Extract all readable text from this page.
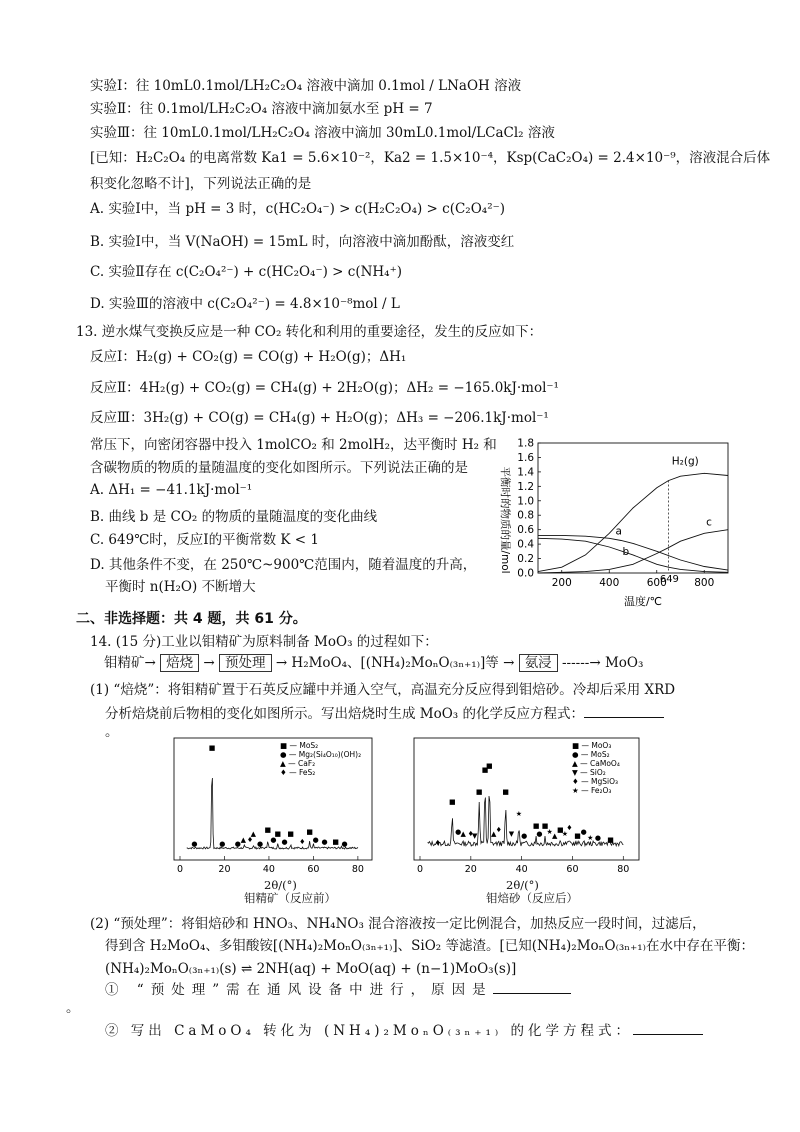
实验Ⅰ：往 10mL0.1mol/LH₂C₂O₄ 溶液中滴加 0.1mol / LNaOH 溶液
实验Ⅱ：往 0.1mol/LH₂C₂O₄ 溶液中滴加氨水至 pH = 7
实验Ⅲ：往 10mL0.1mol/LH₂C₂O₄ 溶液中滴加 30mL0.1mol/LCaCl₂ 溶液
[已知：H₂C₂O₄ 的电离常数 Ka1 = 5.6×10⁻²，Ka2 = 1.5×10⁻⁴，Ksp(CaC₂O₄) = 2.4×10⁻⁹，溶液混合后体
积变化忽略不计]，下列说法正确的是
A. 实验Ⅰ中，当 pH = 3 时，c(HC₂O₄⁻) > c(H₂C₂O₄) > c(C₂O₄²⁻)
B. 实验Ⅰ中，当 V(NaOH) = 15mL 时，向溶液中滴加酚酞，溶液变红
C. 实验Ⅱ存在 c(C₂O₄²⁻) + c(HC₂O₄⁻) > c(NH₄⁺)
D. 实验Ⅲ的溶液中 c(C₂O₄²⁻) = 4.8×10⁻⁸mol / L
13. 逆水煤气变换反应是一种 CO₂ 转化和利用的重要途径，发生的反应如下：
反应Ⅰ：H₂(g) + CO₂(g) = CO(g) + H₂O(g)；ΔH₁
反应Ⅱ：4H₂(g) + CO₂(g) = CH₄(g) + 2H₂O(g)；ΔH₂ = −165.0kJ·mol⁻¹
反应Ⅲ：3H₂(g) + CO(g) = CH₄(g) + H₂O(g)；ΔH₃ = −206.1kJ·mol⁻¹
常压下，向密闭容器中投入 1molCO₂ 和 2molH₂，达平衡时 H₂ 和
含碳物质的物质的量随温度的变化如图所示。下列说法正确的是
A. ΔH₁ = −41.1kJ·mol⁻¹
B. 曲线 b 是 CO₂ 的物质的量随温度的变化曲线
C. 649℃时，反应Ⅰ的平衡常数 K < 1
D. 其他条件不变，在 250℃~900℃范围内，随着温度的升高，
平衡时 n(H₂O) 不断增大
平衡时的物质的量/mol 0.0
0.2
0.4
0.6
0.8
1.0
1.2
1.4
1.6
1.8
200	400	600	800
649
H₂(g)
a
b
c
温度/℃
二、非选择题：共 4 题，共 61 分。
14. (15 分)工业以钼精矿为原料制备 MoO₃ 的过程如下：
钼精矿→ 焙烧 → 预处理 → H₂MoO₄、[(NH₄)₂MoₙO₍₃ₙ₊₁₎]等 → 氨浸 ------→ MoO₃
(1) “焙烧”：将钼精矿置于石英反应罐中并通入空气，高温充分反应得到钼焙砂。冷却后采用 XRD
分析焙烧前后物相的变化如图所示。写出焙烧时生成 MoO₃ 的化学反应方程式：
。
■ — MoS₂
● — Mg₂(Si₄O₁₀)(OH)₂
▲ — CaF₂
♦ — FeS₂
●
■
● ● ▲ ♦
▲
●
■
●
■
●
■
♦
■
● ● ■ ●
0	20	40	60	80
2θ/(°)
钼精矿（反应前）
■ — MoO₃
● — MoS₂
▲ — CaMoO₄
▼ — SiO₂
♦ — MgSiO₃
★ — Fe₂O₃
♦
■
● ▲ ♦
▼
■
■
■
▲ ♦
■
▼
★
●
■
●
■
★ ▲
■
★
♦
■ ●
★ ● ■
0	20	40	60	80
2θ/(°)
钼焙砂（反应后）
(2) “预处理”：将钼焙砂和 HNO₃、NH₄NO₃ 混合溶液按一定比例混合，加热反应一段时间，过滤后，
得到含 H₂MoO₄、多钼酸铵[(NH₄)₂MoₙO₍₃ₙ₊₁₎]、SiO₂ 等滤渣。[已知(NH₄)₂MoₙO₍₃ₙ₊₁₎在水中存在平衡：
(NH₄)₂MoₙO₍₃ₙ₊₁₎(s) ⇌ 2NH(aq) + MoO(aq) + (n−1)MoO₃(s)]
① “预处理”需在通风设备中进行，原因是
。
② 写出 CaMoO₄ 转化为 (NH₄)₂MoₙO₍₃ₙ₊₁₎ 的化学方程式：
